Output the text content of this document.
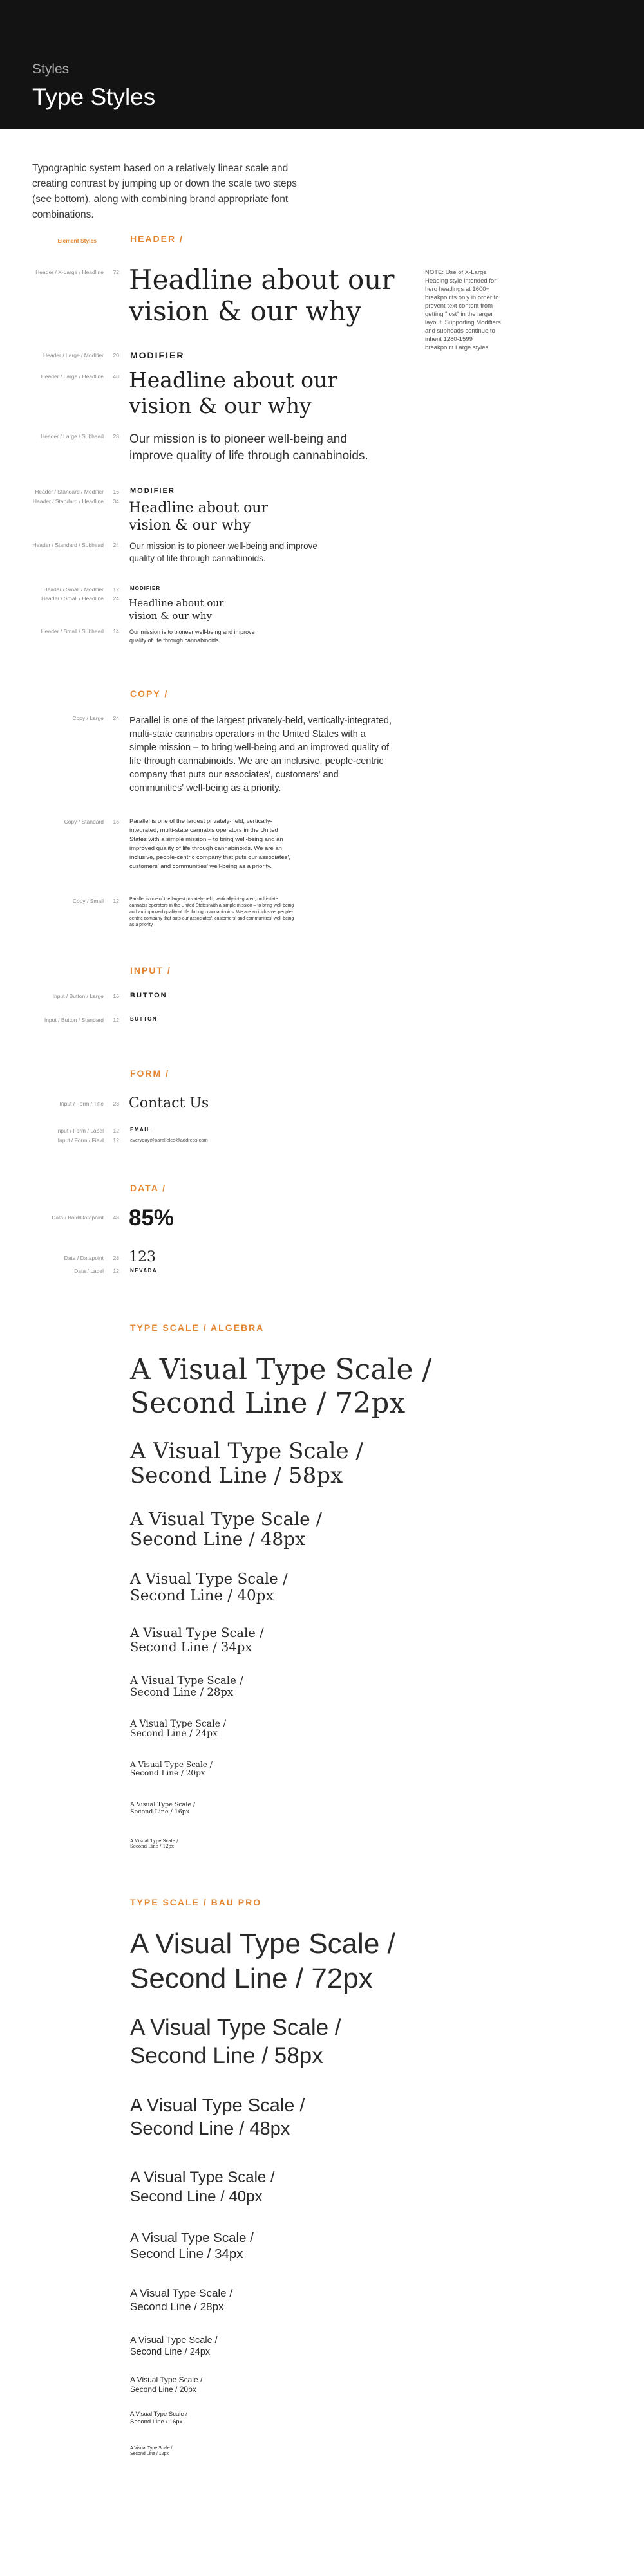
Styles
Type Styles
Typographic system based on a relatively linear scale and creating contrast by jumping up or down the scale two steps (see bottom), along with combining brand appropriate font combinations.
Element Styles	HEADER /
Header / X-Large / Headline 72 Headline about our vision & our why
NOTE: Use of X-Large Heading style intended for hero headings at 1600+ breakpoints only in order to prevent text content from getting "lost" in the larger layout. Supporting Modifiers and subheads continue to inherit 1280-1599 breakpoint Large styles.
Header / Large / Modifier 20 MODIFIER
Header / Large / Headline 48 Headline about our vision & our why
Header / Large / Subhead 28 Our mission is to pioneer well-being and improve quality of life through cannabinoids.
Header / Standard / Modifier 16 MODIFIER
Header / Standard / Headline 34 Headline about our vision & our why
Header / Standard / Subhead 24 Our mission is to pioneer well-being and improve quality of life through cannabinoids.
Header / Small / Modifier 12 MODIFIER
Header / Small / Headline 24 Headline about our vision & our why
Header / Small / Subhead 14 Our mission is to pioneer well-being and improve quality of life through cannabinoids.
COPY /
Copy / Large 24 Parallel is one of the largest privately-held, vertically-integrated, multi-state cannabis operators in the United States with a simple mission – to bring well-being and an improved quality of life through cannabinoids. We are an inclusive, people-centric company that puts our associates', customers' and communities' well-being as a priority.
Copy / Standard 16 Parallel is one of the largest privately-held, vertically-integrated, multi-state cannabis operators in the United States with a simple mission – to bring well-being and an improved quality of life through cannabinoids. We are an inclusive, people-centric company that puts our associates', customers' and communities' well-being as a priority.
Copy / Small 12 Parallel is one of the largest privately-held, vertically-integrated, multi-state cannabis operators in the United States with a simple mission – to bring well-being and an improved quality of life through cannabinoids. We are an inclusive, people-centric company that puts our associates', customers' and communities' well-being as a priority.
INPUT /
Input / Button / Large 16 BUTTON
Input / Button / Standard 12 BUTTON
FORM /
Input / Form / Title 28 Contact Us
Input / Form / Label 12 EMAIL
Input / Form / Field 12 everyday@parallelco@address.com
DATA /
Data / Bold/Datapoint 48 85%
Data / Datapoint 28 123
Data / Label 12 NEVADA
TYPE SCALE / ALGEBRA
A Visual Type Scale /
Second Line / 72px
A Visual Type Scale /
Second Line / 58px
A Visual Type Scale /
Second Line / 48px
A Visual Type Scale /
Second Line / 40px
A Visual Type Scale /
Second Line / 34px
A Visual Type Scale /
Second Line / 28px
A Visual Type Scale /
Second Line / 24px
A Visual Type Scale /
Second Line / 20px
A Visual Type Scale /
Second Line / 16px
A Visual Type Scale /
Second Line / 12px
TYPE SCALE / BAU PRO
A Visual Type Scale /
Second Line / 72px
A Visual Type Scale /
Second Line / 58px
A Visual Type Scale /
Second Line / 48px
A Visual Type Scale /
Second Line / 40px
A Visual Type Scale /
Second Line / 34px
A Visual Type Scale /
Second Line / 28px
A Visual Type Scale /
Second Line / 24px
A Visual Type Scale /
Second Line / 20px
A Visual Type Scale /
Second Line / 16px
A Visual Type Scale /
Second Line / 12px
